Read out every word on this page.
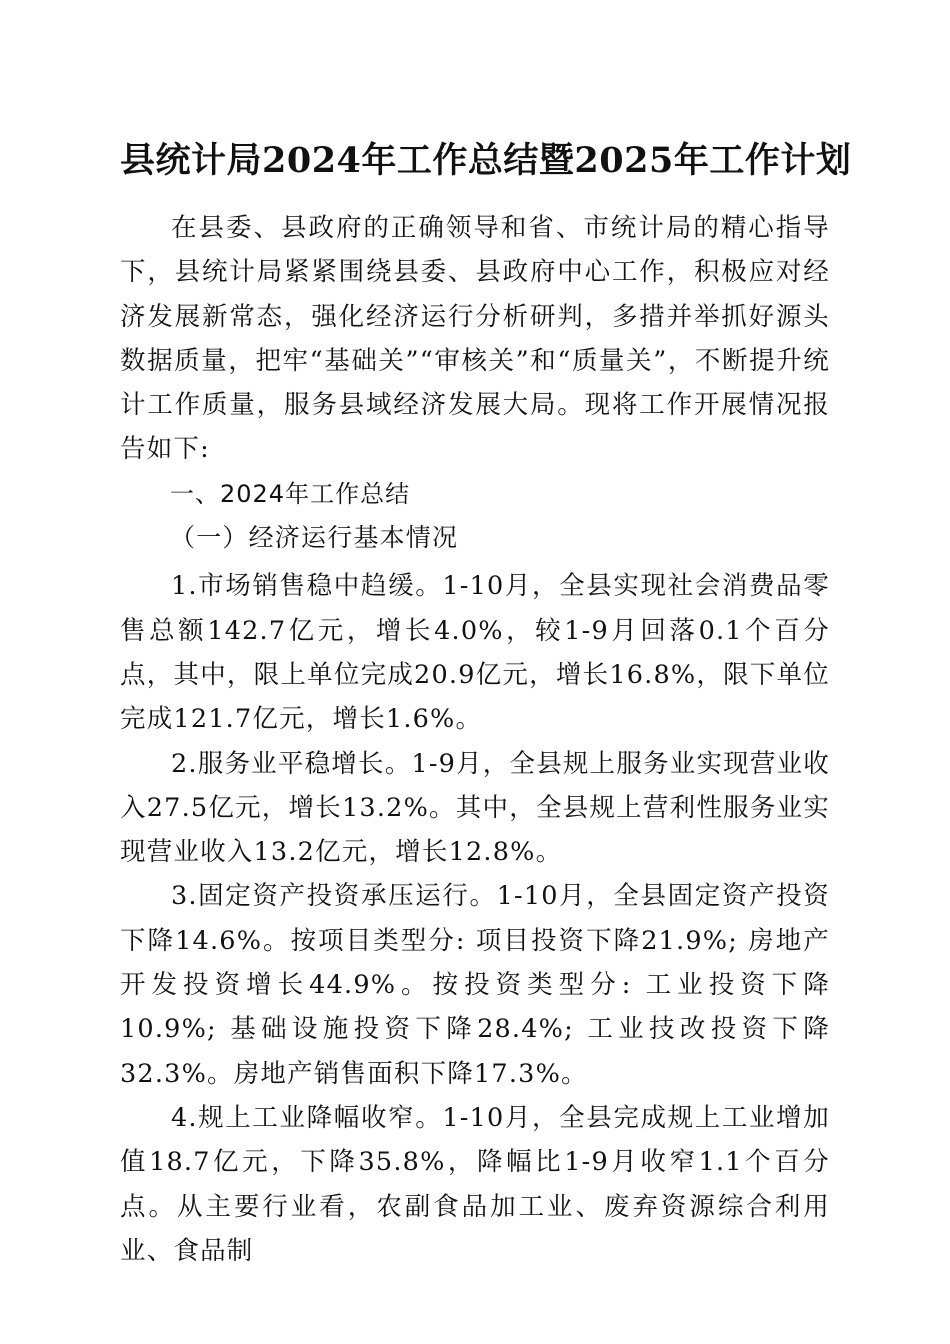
县统计局2024年工作总结暨2025年工作计划

在县委、县政府的正确领导和省、市统计局的精心指导下，县统计局紧紧围绕县委、县政府中心工作，积极应对经济发展新常态，强化经济运行分析研判，多措并举抓好源头数据质量，把牢“基础关”“审核关”和“质量关”，不断提升统计工作质量，服务县域经济发展大局。现将工作开展情况报告如下:

一、2024年工作总结
（一）经济运行基本情况

1.市场销售稳中趋缓。1-10月，全县实现社会消费品零售总额142.7亿元，增长4.0%，较1-9月回落0.1个百分点，其中，限上单位完成20.9亿元，增长16.8%，限下单位完成121.7亿元，增长1.6%。

2.服务业平稳增长。1-9月，全县规上服务业实现营业收入27.5亿元，增长13.2%。其中，全县规上营利性服务业实现营业收入13.2亿元，增长12.8%。

3.固定资产投资承压运行。1-10月，全县固定资产投资下降14.6%。按项目类型分: 项目投资下降21.9%; 房地产开发投资增长44.9%。按投资类型分: 工业投资下降10.9%; 基础设施投资下降28.4%; 工业技改投资下降32.3%。房地产销售面积下降17.3%。

4.规上工业降幅收窄。1-10月，全县完成规上工业增加值18.7亿元，下降35.8%，降幅比1-9月收窄1.1个百分点。从主要行业看，农副食品加工业、废弃资源综合利用业、食品制
